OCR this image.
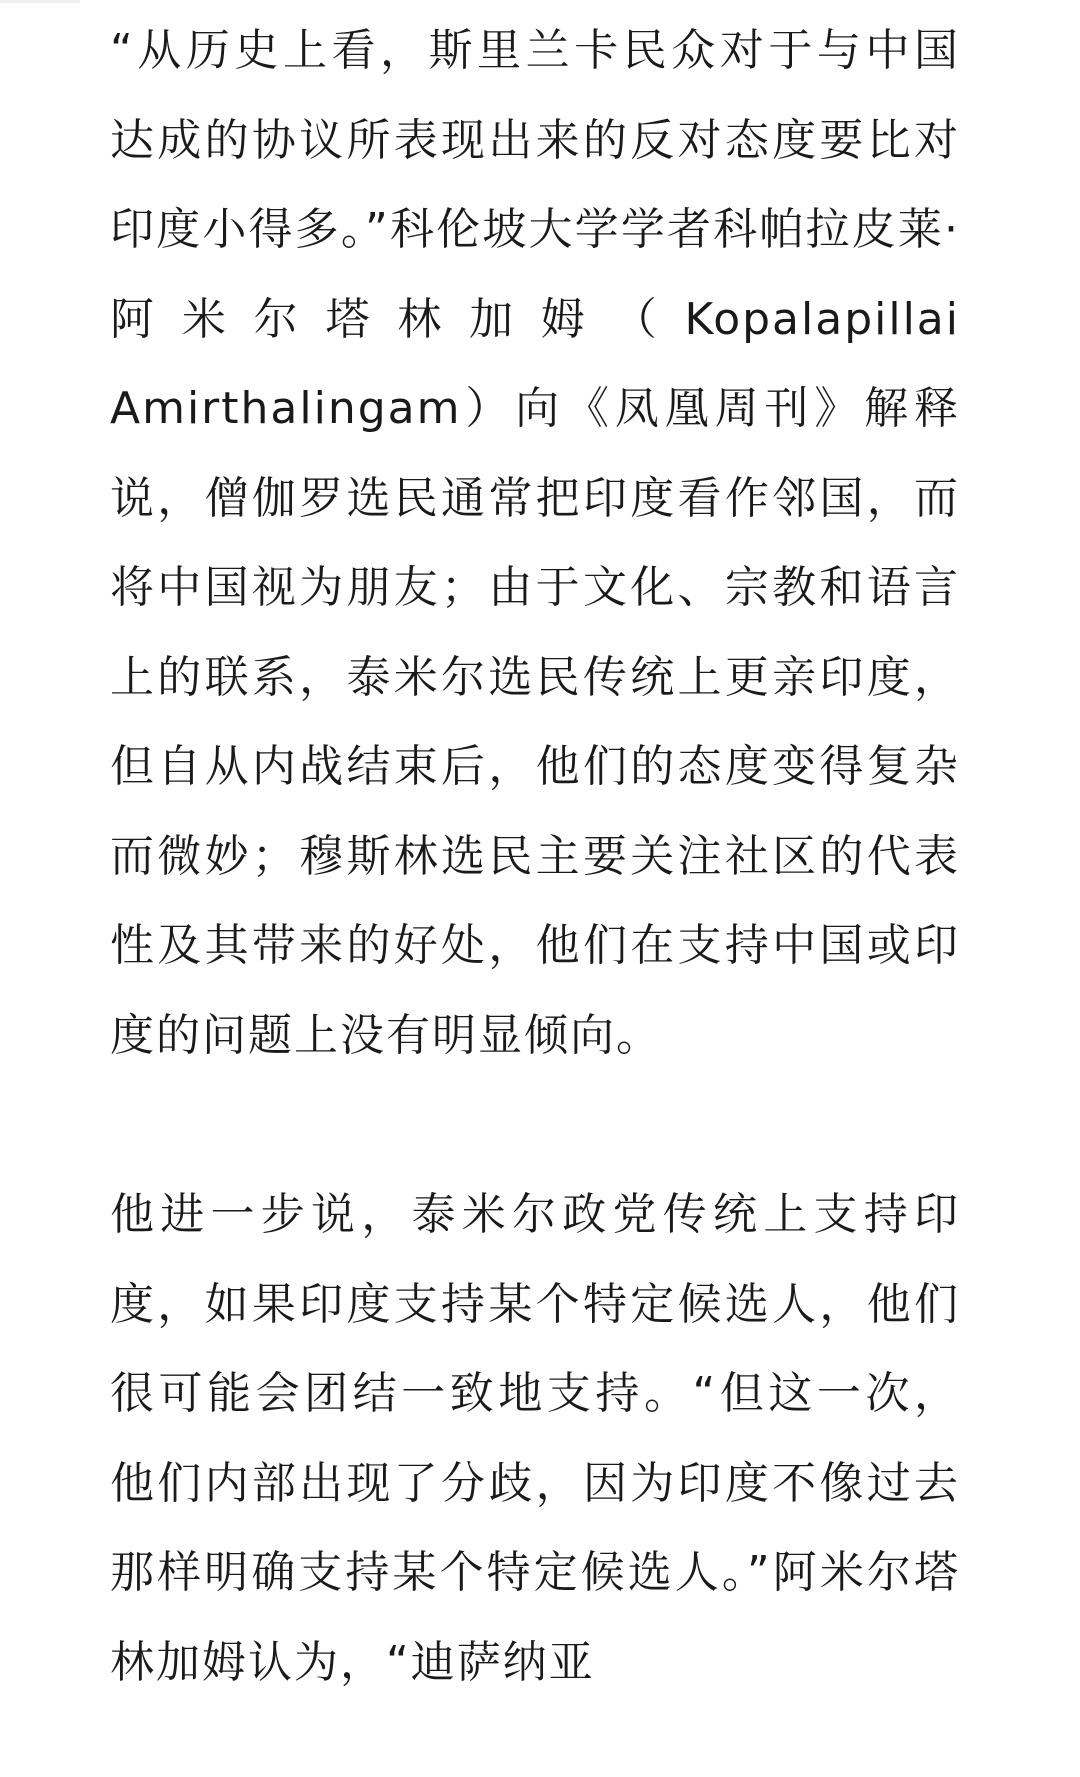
“从历史上看，斯里兰卡民众对于与中国达成的协议所表现出来的反对态度要比对印度小得多。”科伦坡大学学者科帕拉皮莱·阿米尔塔林加姆（Kopalapillai Amirthalingam）向《凤凰周刊》解释说，僧伽罗选民通常把印度看作邻国，而将中国视为朋友；由于文化、宗教和语言上的联系，泰米尔选民传统上更亲印度，但自从内战结束后，他们的态度变得复杂而微妙；穆斯林选民主要关注社区的代表性及其带来的好处，他们在支持中国或印度的问题上没有明显倾向。

他进一步说，泰米尔政党传统上支持印度，如果印度支持某个特定候选人，他们很可能会团结一致地支持。“但这一次，他们内部出现了分歧，因为印度不像过去那样明确支持某个特定候选人。”阿米尔塔林加姆认为，“迪萨纳亚
